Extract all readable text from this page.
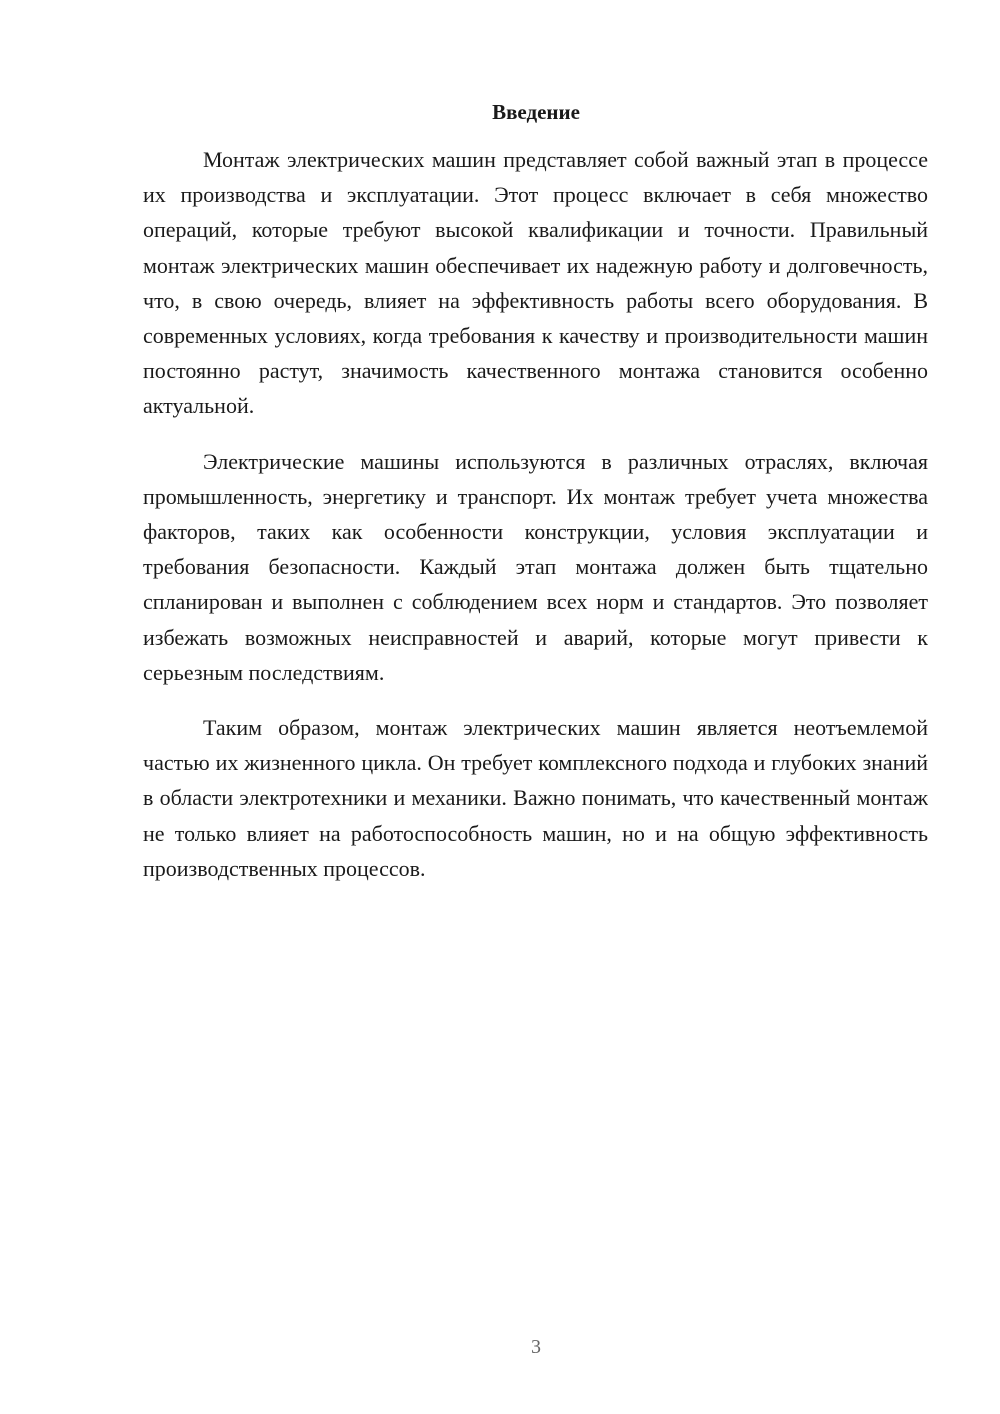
Введение

Монтаж электрических машин представляет собой важный этап в процессе их производства и эксплуатации. Этот процесс включает в себя множество операций, которые требуют высокой квалификации и точности. Правильный монтаж электрических машин обеспечивает их надежную работу и долговечность, что, в свою очередь, влияет на эффективность работы всего оборудования. В современных условиях, когда требования к качеству и производительности машин постоянно растут, значимость качественного монтажа становится особенно актуальной.

Электрические машины используются в различных отраслях, включая промышленность, энергетику и транспорт. Их монтаж требует учета множества факторов, таких как особенности конструкции, условия эксплуатации и требования безопасности. Каждый этап монтажа должен быть тщательно спланирован и выполнен с соблюдением всех норм и стандартов. Это позволяет избежать возможных неисправностей и аварий, которые могут привести к серьезным последствиям.

Таким образом, монтаж электрических машин является неотъемлемой частью их жизненного цикла. Он требует комплексного подхода и глубоких знаний в области электротехники и механики. Важно понимать, что качественный монтаж не только влияет на работоспособность машин, но и на общую эффективность производственных процессов.

3
